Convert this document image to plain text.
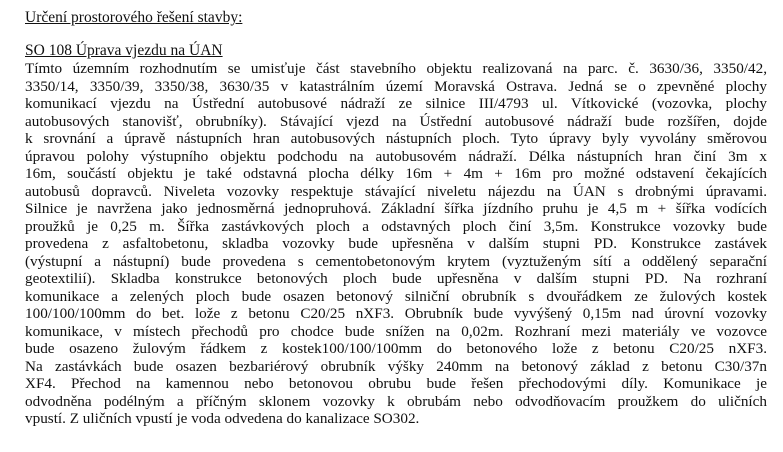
Určení prostorového řešení stavby:
SO 108 Úprava vjezdu na ÚAN
Tímto územním rozhodnutím se umisťuje část stavebního objektu realizovaná na parc. č. 3630/36, 3350/42,
3350/14, 3350/39, 3350/38, 3630/35 v katastrálním území Moravská Ostrava. Jedná se o zpevněné plochy
komunikací vjezdu na Ústřední autobusové nádraží ze silnice III/4793 ul. Vítkovické (vozovka, plochy
autobusových stanovišť, obrubníky). Stávající vjezd na Ústřední autobusové nádraží bude rozšířen, dojde
k srovnání a úpravě nástupních hran autobusových nástupních ploch. Tyto úpravy byly vyvolány směrovou
úpravou polohy výstupního objektu podchodu na autobusovém nádraží. Délka nástupních hran činí 3m x
16m, součástí objektu je také odstavná plocha délky 16m + 4m + 16m pro možné odstavení čekajících
autobusů dopravců. Niveleta vozovky respektuje stávající niveletu nájezdu na ÚAN s drobnými úpravami.
Silnice je navržena jako jednosměrná jednopruhová. Základní šířka jízdního pruhu je 4,5 m + šířka vodících
proužků je 0,25 m. Šířka zastávkových ploch a odstavných ploch činí 3,5m. Konstrukce vozovky bude
provedena z asfaltobetonu, skladba vozovky bude upřesněna v dalším stupni PD. Konstrukce zastávek
(výstupní a nástupní) bude provedena s cementobetonovým krytem (vyztuženým sítí a oddělený separační
geotextilií). Skladba konstrukce betonových ploch bude upřesněna v dalším stupni PD. Na rozhraní
komunikace a zelených ploch bude osazen betonový silniční obrubník s dvouřádkem ze žulových kostek
100/100/100mm do bet. lože z betonu C20/25 nXF3. Obrubník bude vyvýšený 0,15m nad úrovní vozovky
komunikace, v místech přechodů pro chodce bude snížen na 0,02m. Rozhraní mezi materiály ve vozovce
bude osazeno žulovým řádkem z kostek100/100/100mm do betonového lože z betonu C20/25 nXF3.
Na zastávkách bude osazen bezbariérový obrubník výšky 240mm na betonový základ z betonu C30/37n
XF4. Přechod na kamennou nebo betonovou obrubu bude řešen přechodovými díly. Komunikace je
odvodněna podélným a příčným sklonem vozovky k obrubám nebo odvodňovacím proužkem do uličních
vpustí. Z uličních vpustí je voda odvedena do kanalizace SO302.
